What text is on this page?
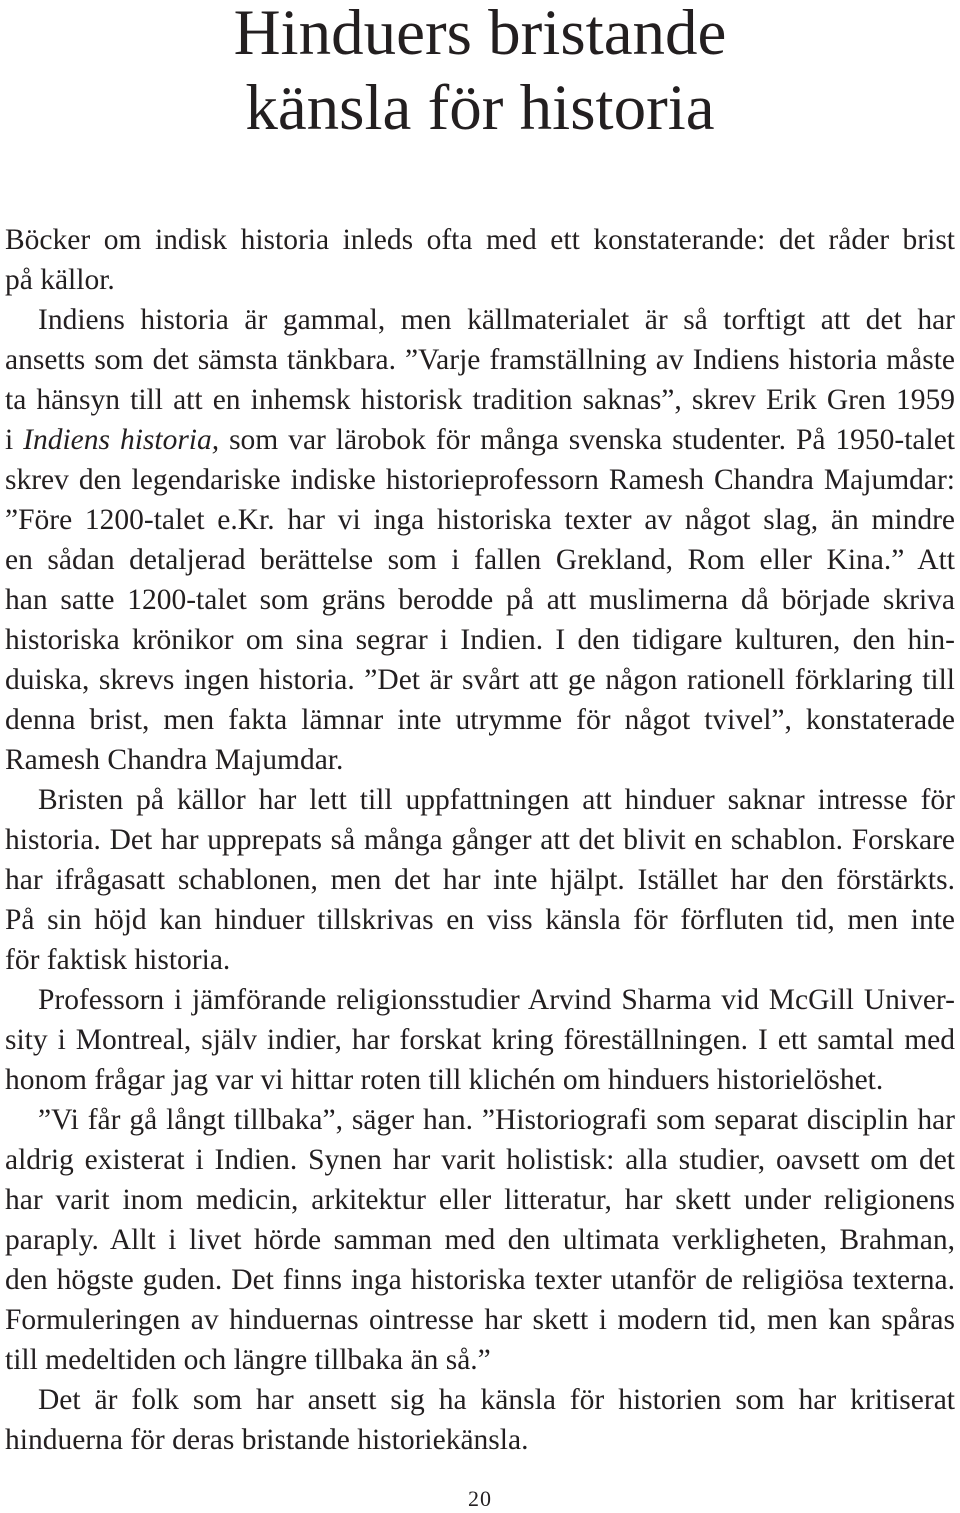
Hinduers bristande
känsla för historia
Böcker om indisk historia inleds ofta med ett konstaterande: det råder brist
på källor.
Indiens historia är gammal, men källmaterialet är så torftigt att det har
ansetts som det sämsta tänkbara. ”Varje framställning av Indiens historia måste
ta hänsyn till att en inhemsk historisk tradition saknas”, skrev Erik Gren 1959
i Indiens historia, som var lärobok för många svenska studenter. På 1950-talet
skrev den legendariske indiske historieprofessorn Ramesh Chandra Majumdar:
”Före 1200-talet e.Kr. har vi inga historiska texter av något slag, än mindre
en sådan detaljerad berättelse som i fallen Grekland, Rom eller Kina.” Att
han satte 1200-talet som gräns berodde på att muslimerna då började skriva
historiska krönikor om sina segrar i Indien. I den tidigare kulturen, den hin-
duiska, skrevs ingen historia. ”Det är svårt att ge någon rationell förklaring till
denna brist, men fakta lämnar inte utrymme för något tvivel”, konstaterade
Ramesh Chandra Majumdar.
Bristen på källor har lett till uppfattningen att hinduer saknar intresse för
historia. Det har upprepats så många gånger att det blivit en schablon. Forskare
har ifrågasatt schablonen, men det har inte hjälpt. Istället har den förstärkts.
På sin höjd kan hinduer tillskrivas en viss känsla för förfluten tid, men inte
för faktisk historia.
Professorn i jämförande religionsstudier Arvind Sharma vid McGill Univer-
sity i Montreal, själv indier, har forskat kring föreställningen. I ett samtal med
honom frågar jag var vi hittar roten till klichén om hinduers historielöshet.
”Vi får gå långt tillbaka”, säger han. ”Historiografi som separat disciplin har
aldrig existerat i Indien. Synen har varit holistisk: alla studier, oavsett om det
har varit inom medicin, arkitektur eller litteratur, har skett under religionens
paraply. Allt i livet hörde samman med den ultimata verkligheten, Brahman,
den högste guden. Det finns inga historiska texter utanför de religiösa texterna.
Formuleringen av hinduernas ointresse har skett i modern tid, men kan spåras
till medeltiden och längre tillbaka än så.”
Det är folk som har ansett sig ha känsla för historien som har kritiserat
hinduerna för deras bristande historiekänsla.
20
